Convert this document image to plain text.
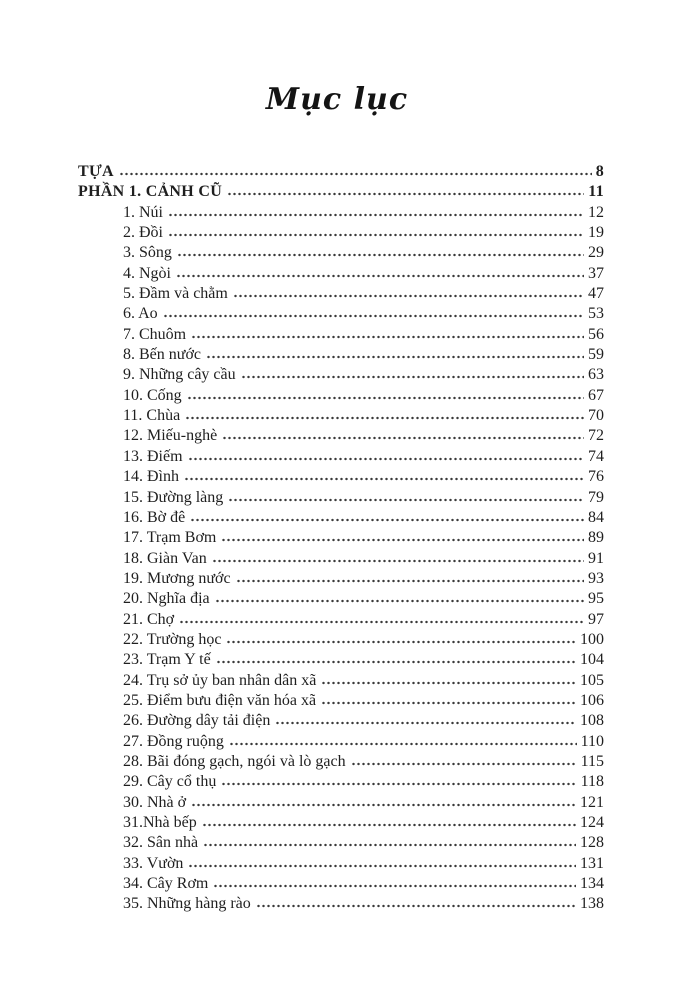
Mục lục
TỰA	8
PHẦN 1. CẢNH CŨ	11
1. Núi	12
2. Đồi	19
3. Sông	29
4. Ngòi	37
5. Đầm và chằm	47
6. Ao	53
7. Chuôm	56
8. Bến nước	59
9. Những cây cầu	63
10. Cống	67
11. Chùa	70
12. Miếu-nghè	72
13. Điếm	74
14. Đình	76
15. Đường làng	79
16. Bờ đê	84
17. Trạm Bơm	89
18. Giàn Van	91
19. Mương nước	93
20. Nghĩa địa	95
21. Chợ	97
22. Trường học	100
23. Trạm Y tế	104
24. Trụ sở ủy ban nhân dân xã	105
25. Điểm bưu điện văn hóa xã	106
26. Đường dây tải điện	108
27. Đồng ruộng	110
28. Bãi đóng gạch, ngói và lò gạch	115
29. Cây cổ thụ	118
30. Nhà ở	121
31.Nhà bếp	124
32. Sân nhà	128
33. Vườn	131
34. Cây Rơm	134
35. Những hàng rào	138
